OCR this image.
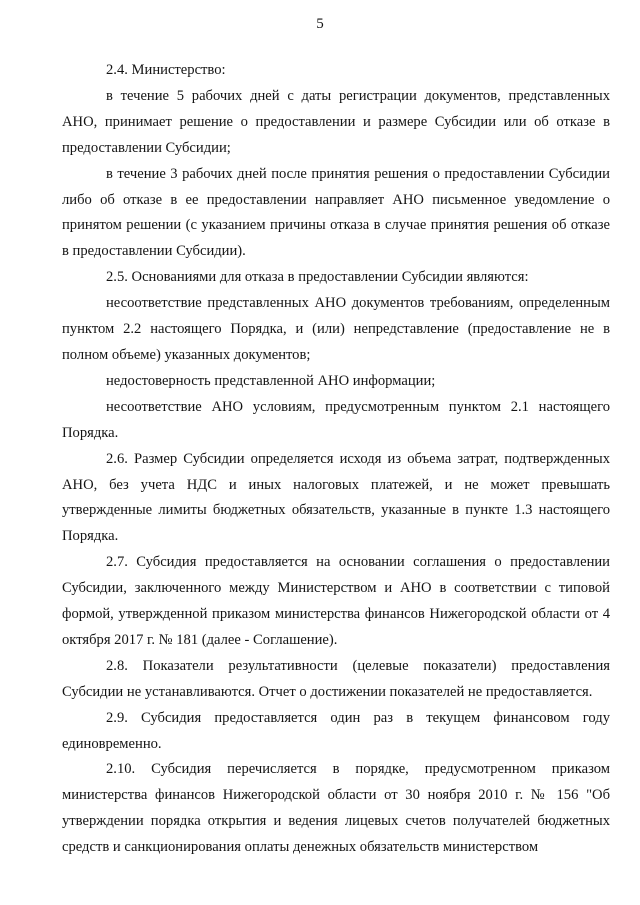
5

2.4. Министерство:

в течение 5 рабочих дней с даты регистрации документов, представленных АНО, принимает решение о предоставлении и размере Субсидии или об отказе в предоставлении Субсидии;

в течение 3 рабочих дней после принятия решения о предоставлении Субсидии либо об отказе в ее предоставлении направляет АНО письменное уведомление о принятом решении (с указанием причины отказа в случае принятия решения об отказе в предоставлении Субсидии).

2.5. Основаниями для отказа в предоставлении Субсидии являются:

несоответствие представленных АНО документов требованиям, определенным пунктом 2.2 настоящего Порядка, и (или) непредставление (предоставление не в полном объеме) указанных документов;

недостоверность представленной АНО информации;

несоответствие АНО условиям, предусмотренным пунктом 2.1 настоящего Порядка.

2.6. Размер Субсидии определяется исходя из объема затрат, подтвержденных АНО, без учета НДС и иных налоговых платежей, и не может превышать утвержденные лимиты бюджетных обязательств, указанные в пункте 1.3 настоящего Порядка.

2.7. Субсидия предоставляется на основании соглашения о предоставлении Субсидии, заключенного между Министерством и АНО в соответствии с типовой формой, утвержденной приказом министерства финансов Нижегородской области от 4 октября 2017 г. № 181 (далее - Соглашение).

2.8. Показатели результативности (целевые показатели) предоставления Субсидии не устанавливаются. Отчет о достижении показателей не предоставляется.

2.9. Субсидия предоставляется один раз в текущем финансовом году единовременно.

2.10. Субсидия перечисляется в порядке, предусмотренном приказом министерства финансов Нижегородской области от 30 ноября 2010 г. № 156 "Об утверждении порядка открытия и ведения лицевых счетов получателей бюджетных средств и санкционирования оплаты денежных обязательств министерством
